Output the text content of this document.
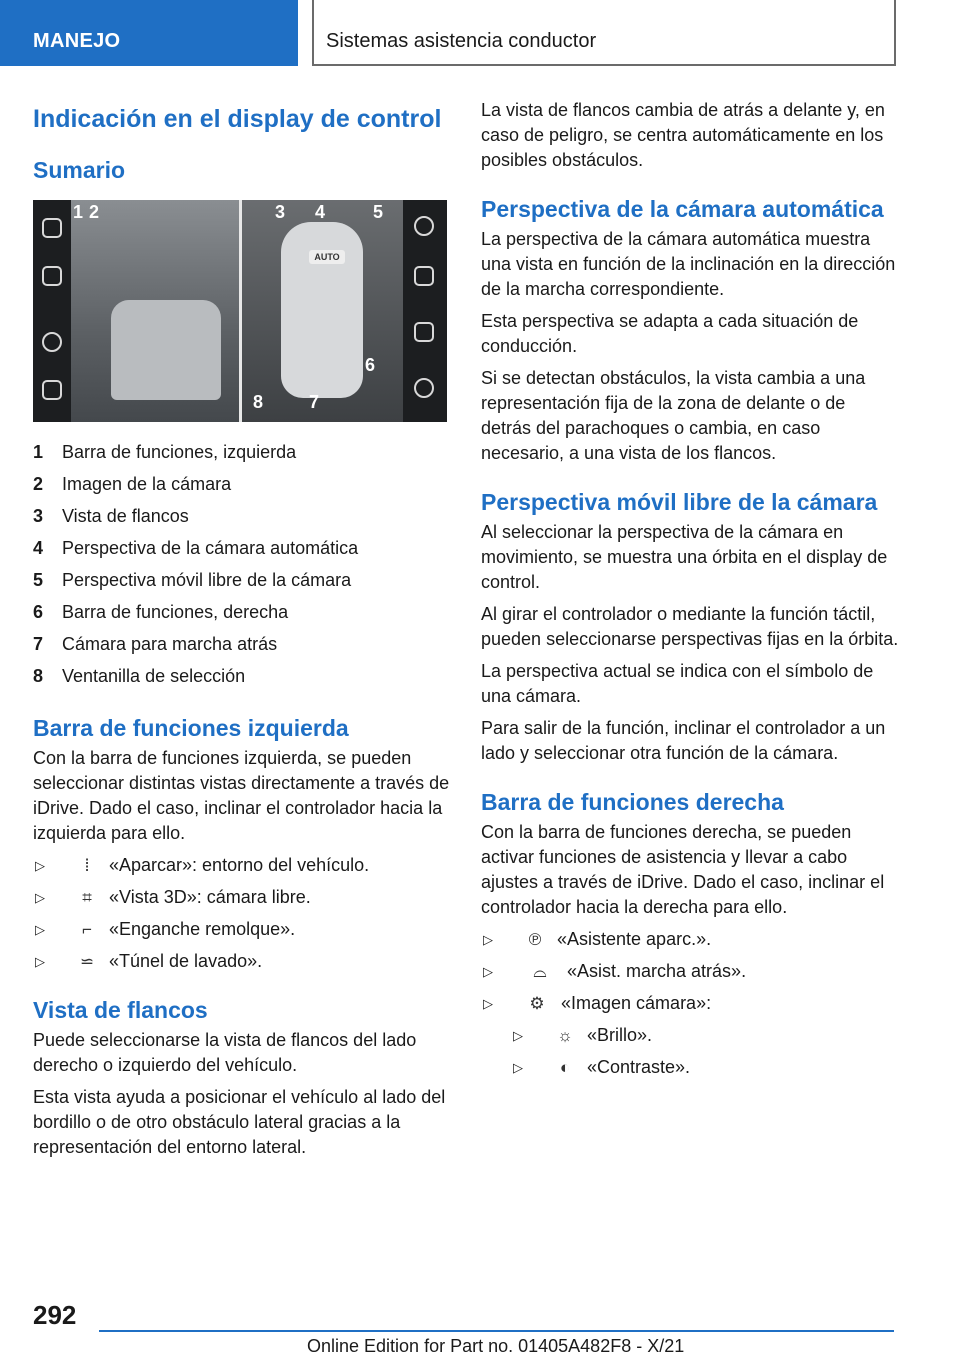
MANEJO	Sistemas asistencia conductor
Indicación en el display de control
Sumario
AUTO
1 2	3 4	5
6
7
8
1 Barra de funciones, izquierda
2 Imagen de la cámara
3 Vista de flancos
4 Perspectiva de la cámara automática
5 Perspectiva móvil libre de la cámara
6 Barra de funciones, derecha
7 Cámara para marcha atrás
8 Ventanilla de selección
Barra de funciones izquierda

Con la barra de funciones izquierda, se pueden seleccionar distintas vistas directamente a través de iDrive. Dado el caso, inclinar el controlador hacia la izquierda para ello.

▷	⦙	«Aparcar»: entorno del vehículo.
▷	⌗ «Vista 3D»: cámara libre.
▷	⌐ «Enganche remolque».
▷ ⋍ «Túnel de lavado».
Vista de flancos

Puede seleccionarse la vista de flancos del lado derecho o izquierdo del vehículo.

Esta vista ayuda a posicionar el vehículo al lado del bordillo o de otro obstáculo lateral gracias a la representación del entorno lateral.

La vista de flancos cambia de atrás a delante y, en caso de peligro, se centra automáticamente en los posibles obstáculos.

Perspectiva de la cámara automática

La perspectiva de la cámara automática muestra una vista en función de la inclinación en la dirección de la marcha correspondiente.

Esta perspectiva se adapta a cada situación de conducción.

Si se detectan obstáculos, la vista cambia a una representación fija de la zona de delante o de detrás del parachoques o cambia, en caso necesario, a una vista de los flancos.

Perspectiva móvil libre de la cámara

Al seleccionar la perspectiva de la cámara en movimiento, se muestra una órbita en el display de control.

Al girar el controlador o mediante la función táctil, pueden seleccionarse perspectivas fijas en la órbita.

La perspectiva actual se indica con el símbolo de una cámara.

Para salir de la función, inclinar el controlador a un lado y seleccionar otra función de la cámara.

Barra de funciones derecha

Con la barra de funciones derecha, se pueden activar funciones de asistencia y llevar a cabo ajustes a través de iDrive. Dado el caso, inclinar el controlador hacia la derecha para ello.

▷	℗ «Asistente aparc.».
▷	⌓	«Asist. marcha atrás».
▷	⚙ «Imagen cámara»:
▷ ☼ «Brillo».
▷	◐ «Contraste».
292
Online Edition for Part no. 01405A482F8 - X/21
